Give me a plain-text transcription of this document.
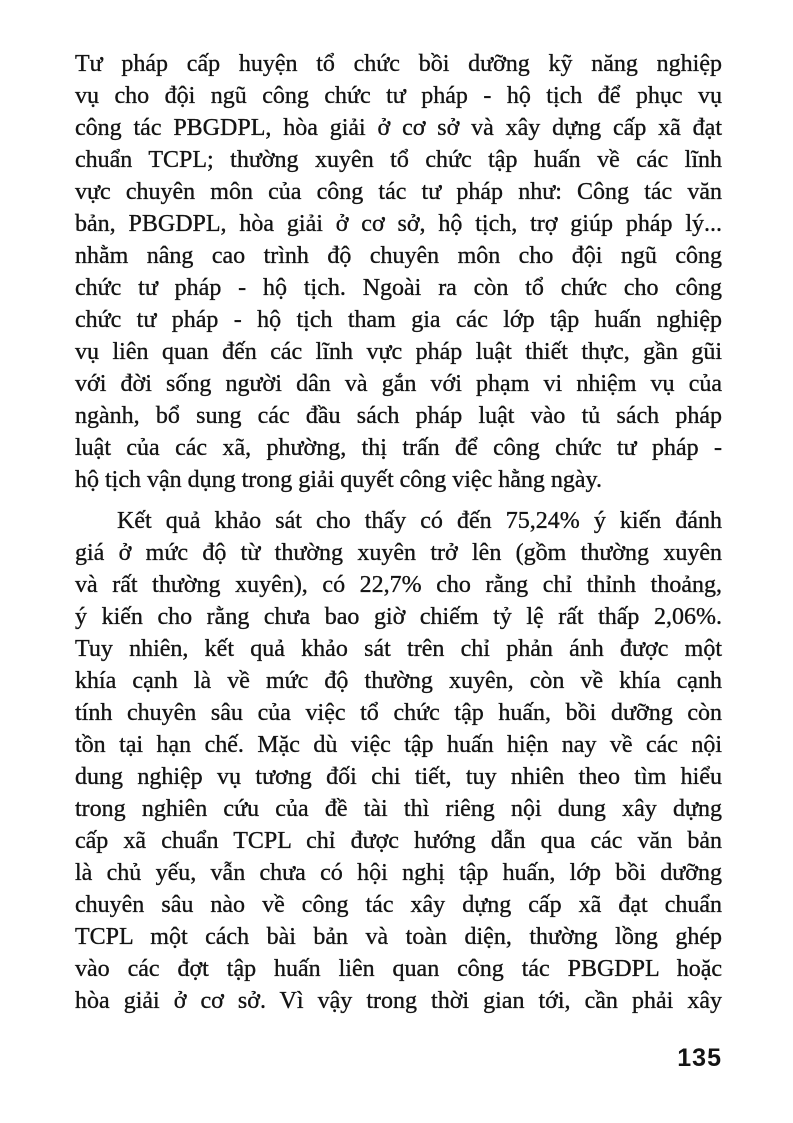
Tư pháp cấp huyện tổ chức bồi dưỡng kỹ năng nghiệp
vụ cho đội ngũ công chức tư pháp - hộ tịch để phục vụ
công tác PBGDPL, hòa giải ở cơ sở và xây dựng cấp xã đạt
chuẩn TCPL; thường xuyên tổ chức tập huấn về các lĩnh
vực chuyên môn của công tác tư pháp như: Công tác văn
bản, PBGDPL, hòa giải ở cơ sở, hộ tịch, trợ giúp pháp lý...
nhằm nâng cao trình độ chuyên môn cho đội ngũ công
chức tư pháp - hộ tịch. Ngoài ra còn tổ chức cho công
chức tư pháp - hộ tịch tham gia các lớp tập huấn nghiệp
vụ liên quan đến các lĩnh vực pháp luật thiết thực, gần gũi
với đời sống người dân và gắn với phạm vi nhiệm vụ của
ngành, bổ sung các đầu sách pháp luật vào tủ sách pháp
luật của các xã, phường, thị trấn để công chức tư pháp -
hộ tịch vận dụng trong giải quyết công việc hằng ngày.

Kết quả khảo sát cho thấy có đến 75,24% ý kiến đánh
giá ở mức độ từ thường xuyên trở lên (gồm thường xuyên
và rất thường xuyên), có 22,7% cho rằng chỉ thỉnh thoảng,
ý kiến cho rằng chưa bao giờ chiếm tỷ lệ rất thấp 2,06%.
Tuy nhiên, kết quả khảo sát trên chỉ phản ánh được một
khía cạnh là về mức độ thường xuyên, còn về khía cạnh
tính chuyên sâu của việc tổ chức tập huấn, bồi dưỡng còn
tồn tại hạn chế. Mặc dù việc tập huấn hiện nay về các nội
dung nghiệp vụ tương đối chi tiết, tuy nhiên theo tìm hiểu
trong nghiên cứu của đề tài thì riêng nội dung xây dựng
cấp xã chuẩn TCPL chỉ được hướng dẫn qua các văn bản
là chủ yếu, vẫn chưa có hội nghị tập huấn, lớp bồi dưỡng
chuyên sâu nào về công tác xây dựng cấp xã đạt chuẩn
TCPL một cách bài bản và toàn diện, thường lồng ghép
vào các đợt tập huấn liên quan công tác PBGDPL hoặc
hòa giải ở cơ sở. Vì vậy trong thời gian tới, cần phải xây

135
